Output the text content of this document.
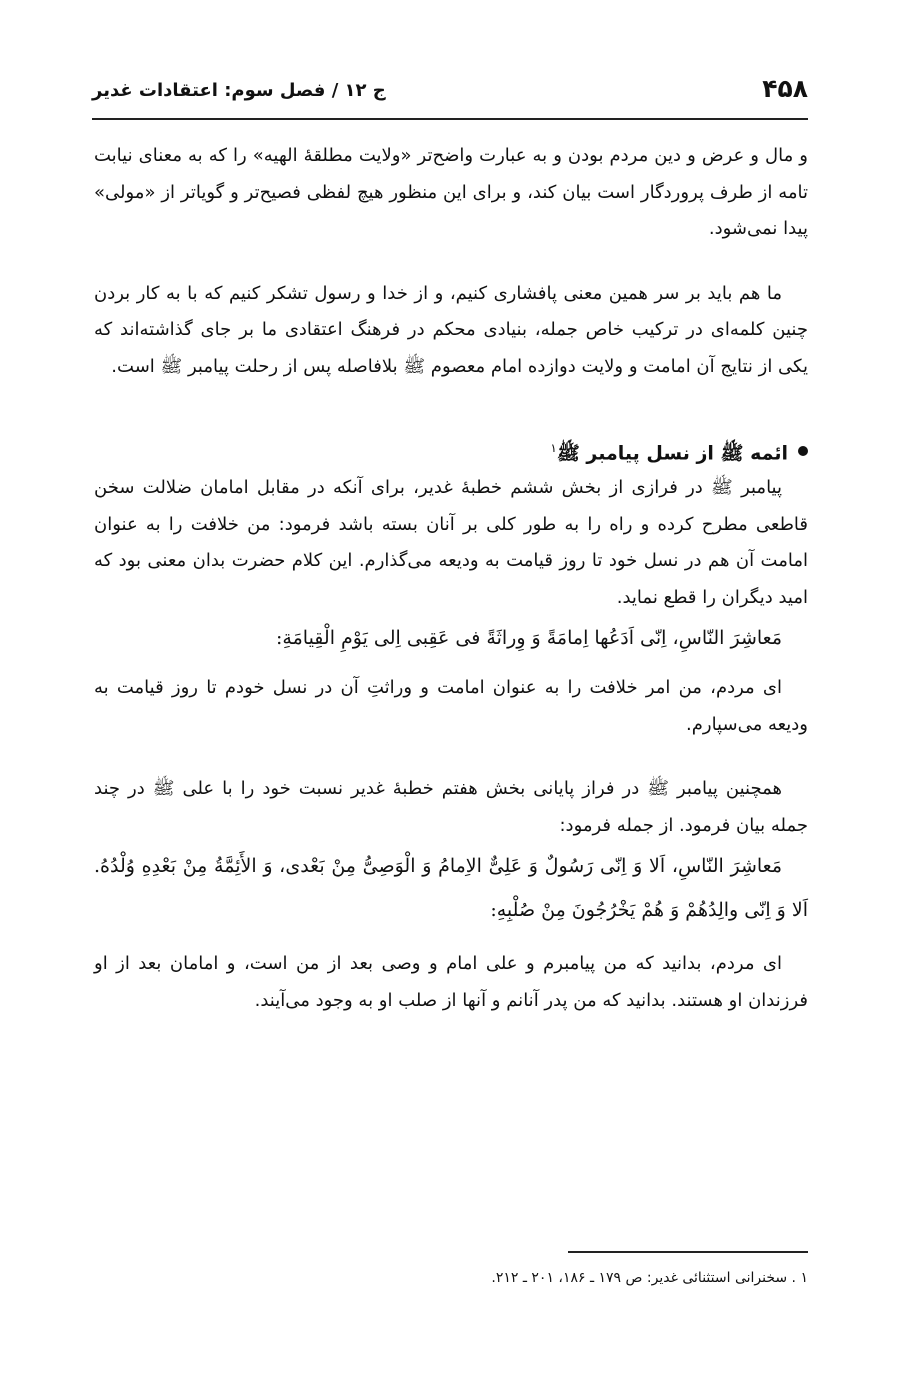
۴۵۸
ج ۱۲ / فصل سوم: اعتقادات غدیر

و مال و عرض و دین مردم بودن و به عبارت واضح‌تر «ولایت مطلقهٔ الهیه» را که به معنای نیابت تامه از طرف پروردگار است بیان کند، و برای این منظور هیچ لفظی فصیح‌تر و گویاتر از «مولی» پیدا نمی‌شود.

ما هم باید بر سر همین معنی پافشاری کنیم، و از خدا و رسول تشکر کنیم که با به کار بردن چنین کلمه‌ای در ترکیب خاص جمله، بنیادی محکم در فرهنگ اعتقادی ما بر جای گذاشته‌اند که یکی از نتایج آن امامت و ولایت دوازده امام معصوم ﷺ بلافاصله پس از رحلت پیامبر ﷺ است.

ائمه ﷺ از نسل پیامبر ﷺ$^۱$

پیامبر ﷺ در فرازی از بخش ششم خطبهٔ غدیر، برای آنکه در مقابل امامان ضلالت سخن قاطعی مطرح کرده و راه را به طور کلی بر آنان بسته باشد فرمود: من خلافت را به عنوان امامت آن هم در نسل خود تا روز قیامت به ودیعه می‌گذارم. این کلام حضرت بدان معنی بود که امید دیگران را قطع نماید.

مَعاشِرَ النّاسِ، اِنّی اَدَعُها اِمامَةً وَ وِراثَةً فی عَقِبی اِلی یَوْمِ الْقِیامَةِ:

ای مردم، من امر خلافت را به عنوان امامت و وراثتِ آن در نسل خودم تا روز قیامت به ودیعه می‌سپارم.

همچنین پیامبر ﷺ در فراز پایانی بخش هفتم خطبهٔ غدیر نسبت خود را با علی ﷺ در چند جمله بیان فرمود. از جمله فرمود:

مَعاشِرَ النّاسِ، اَلا وَ اِنّی رَسُولٌ وَ عَلِیٌّ الاِمامُ وَ الْوَصِیُّ مِنْ بَعْدی، وَ الأَئِمَّةُ مِنْ بَعْدِهِ وُلْدُهُ. اَلا وَ اِنّی والِدُهُمْ وَ هُمْ یَخْرُجُونَ مِنْ صُلْبِهِ:

ای مردم، بدانید که من پیامبرم و علی امام و وصی بعد از من است، و امامان بعد از او فرزندان او هستند. بدانید که من پدر آنانم و آنها از صلب او به وجود می‌آیند.

۱ . سخنرانی استثنائی غدیر: ص ۱۷۹ ـ ۱۸۶، ۲۰۱ ـ ۲۱۲.
